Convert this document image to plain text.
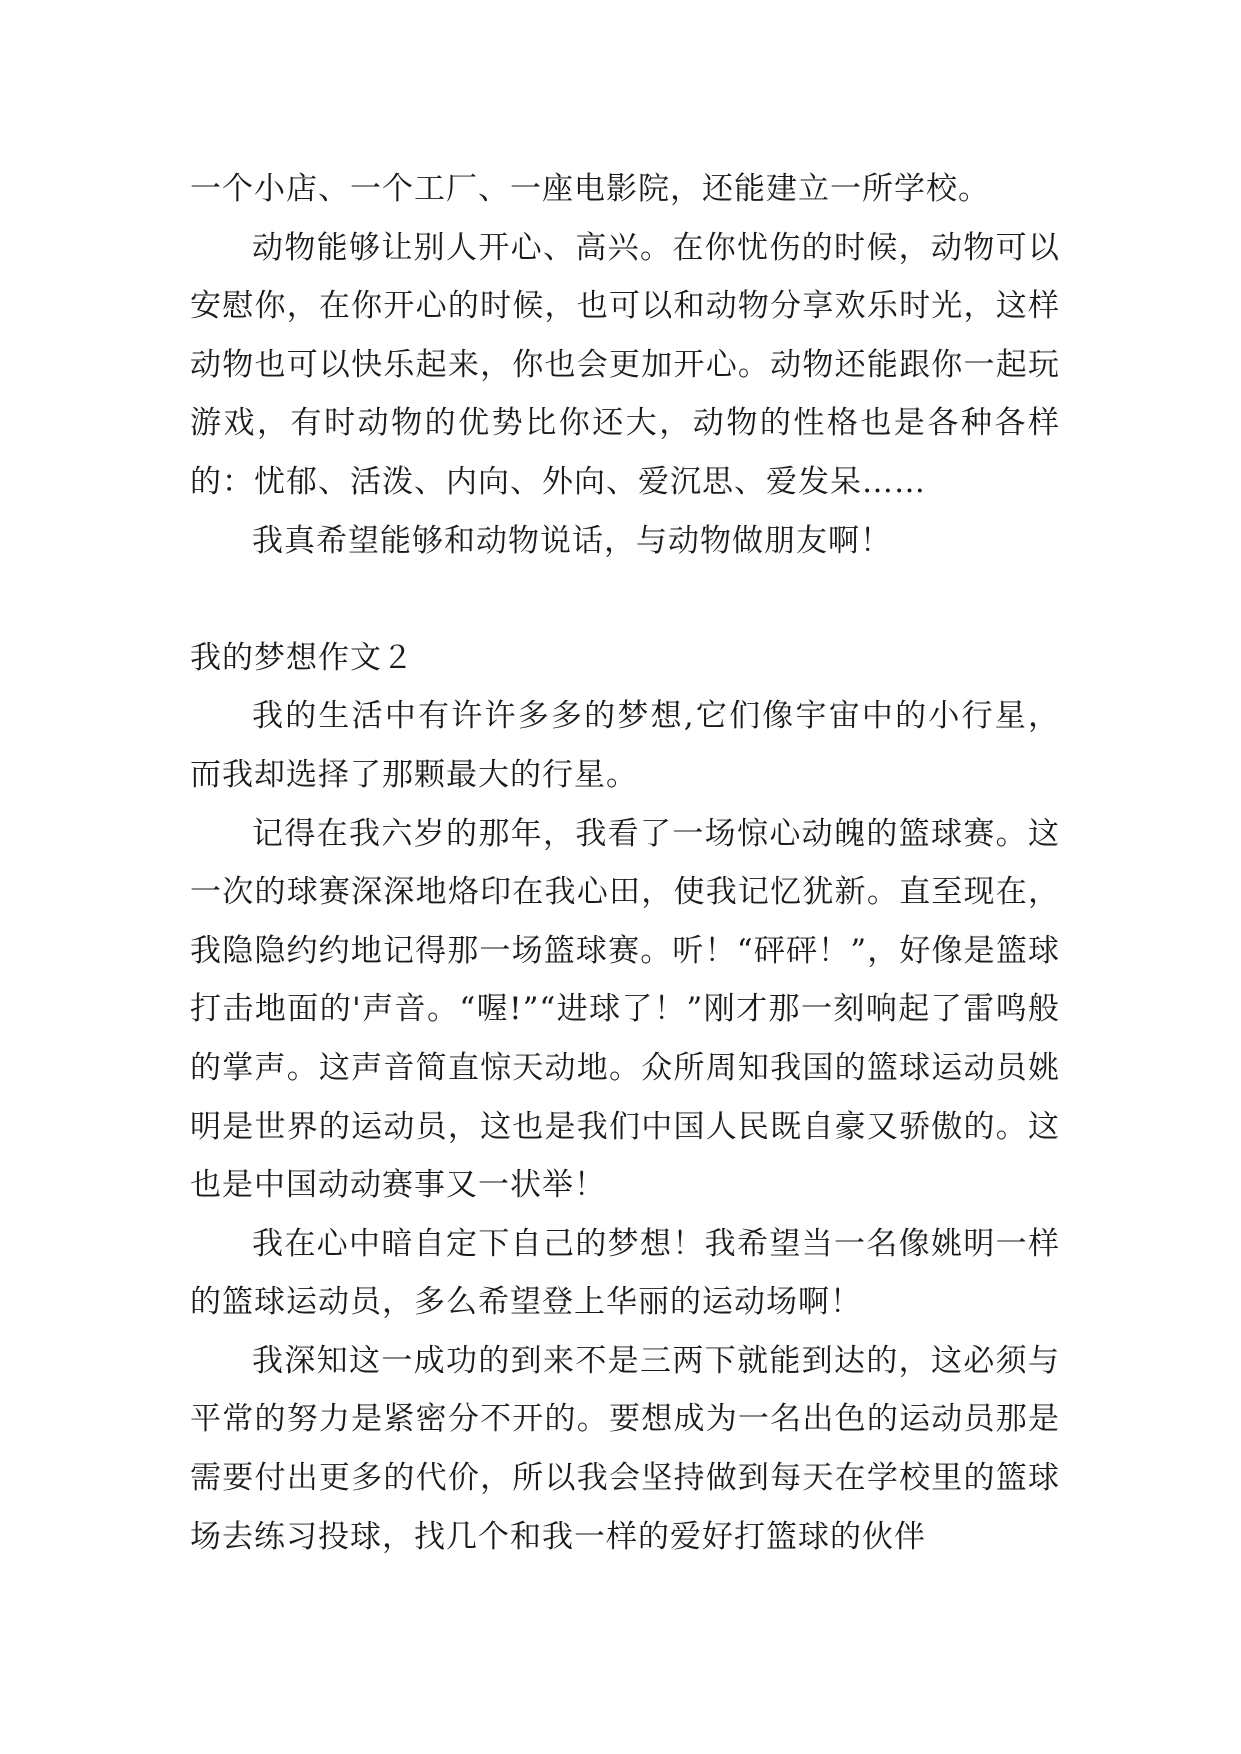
一个小店、一个工厂、一座电影院，还能建立一所学校。

动物能够让别人开心、高兴。在你忧伤的时候，动物可以安慰你，在你开心的时候，也可以和动物分享欢乐时光，这样动物也可以快乐起来，你也会更加开心。动物还能跟你一起玩游戏，有时动物的优势比你还大，动物的性格也是各种各样的：忧郁、活泼、内向、外向、爱沉思、爱发呆……

我真希望能够和动物说话，与动物做朋友啊！

我的梦想作文２

我的生活中有许许多多的梦想,它们像宇宙中的小行星，而我却选择了那颗最大的行星。

记得在我六岁的那年，我看了一场惊心动魄的篮球赛。这一次的球赛深深地烙印在我心田，使我记忆犹新。直至现在，我隐隐约约地记得那一场篮球赛。听！“砰砰！”，好像是篮球打击地面的'声音。“喔!”“进球了！”刚才那一刻响起了雷鸣般的掌声。这声音简直惊天动地。众所周知我国的篮球运动员姚明是世界的运动员，这也是我们中国人民既自豪又骄傲的。这也是中国动动赛事又一状举！

我在心中暗自定下自己的梦想！我希望当一名像姚明一样的篮球运动员，多么希望登上华丽的运动场啊！

我深知这一成功的到来不是三两下就能到达的，这必须与平常的努力是紧密分不开的。要想成为一名出色的运动员那是需要付出更多的代价，所以我会坚持做到每天在学校里的篮球场去练习投球，找几个和我一样的爱好打篮球的伙伴
